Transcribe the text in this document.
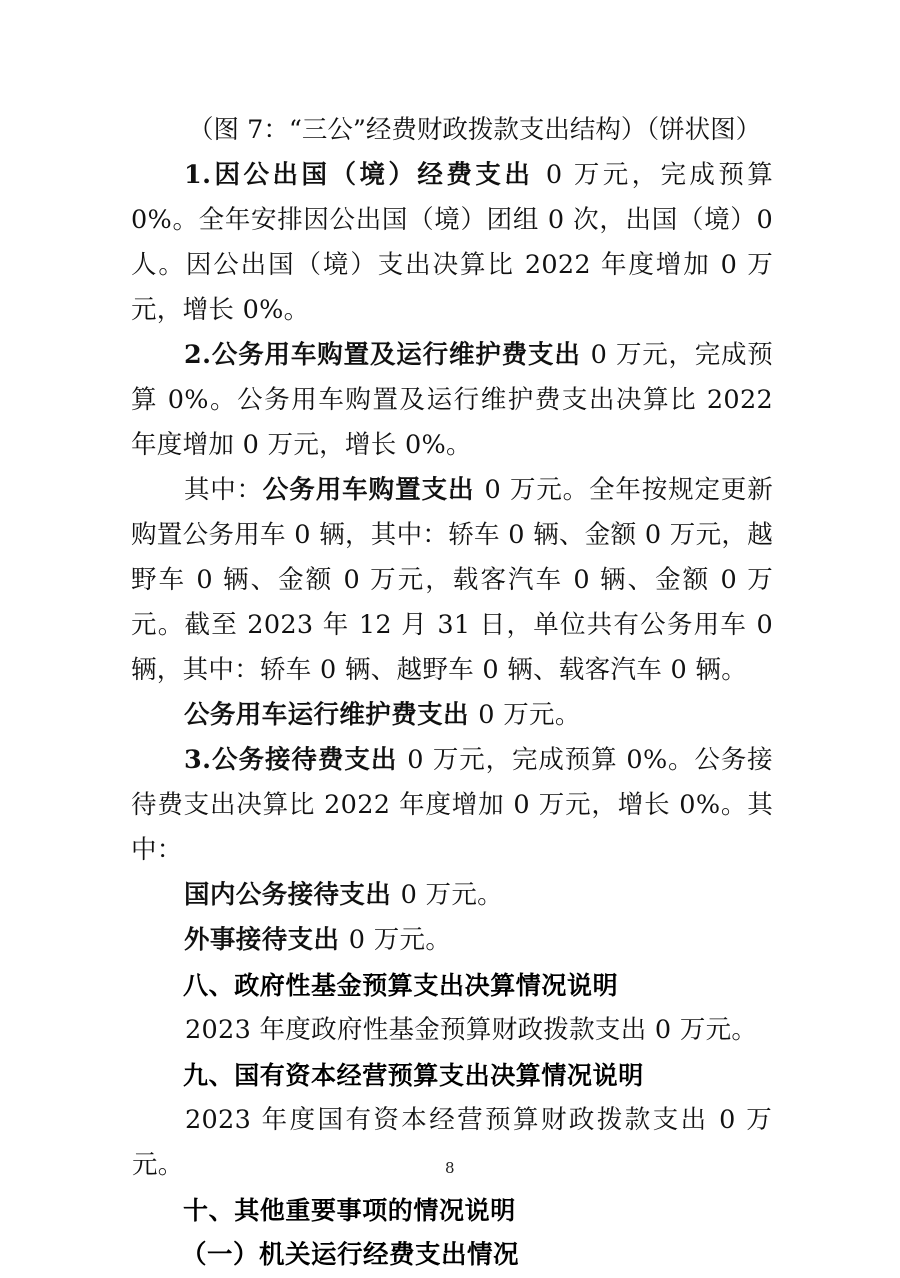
（图 7：“三公”经费财政拨款支出结构）（饼状图）

1.因公出国（境）经费支出 0 万元，完成预算 0%。全年安排因公出国（境）团组 0 次，出国（境）0 人。因公出国（境）支出决算比 2022 年度增加 0 万元，增长 0%。

2.公务用车购置及运行维护费支出 0 万元，完成预算 0%。公务用车购置及运行维护费支出决算比 2022 年度增加 0 万元，增长 0%。

其中：公务用车购置支出 0 万元。全年按规定更新购置公务用车 0 辆，其中：轿车 0 辆、金额 0 万元，越野车 0 辆、金额 0 万元，载客汽车 0 辆、金额 0 万元。截至 2023 年 12 月 31 日，单位共有公务用车 0 辆，其中：轿车 0 辆、越野车 0 辆、载客汽车 0 辆。

公务用车运行维护费支出 0 万元。

3.公务接待费支出 0 万元，完成预算 0%。公务接待费支出决算比 2022 年度增加 0 万元，增长 0%。其中：

国内公务接待支出 0 万元。

外事接待支出 0 万元。

八、政府性基金预算支出决算情况说明

2023 年度政府性基金预算财政拨款支出 0 万元。

九、国有资本经营预算支出决算情况说明

2023 年度国有资本经营预算财政拨款支出 0 万元。

十、其他重要事项的情况说明

（一）机关运行经费支出情况

8
